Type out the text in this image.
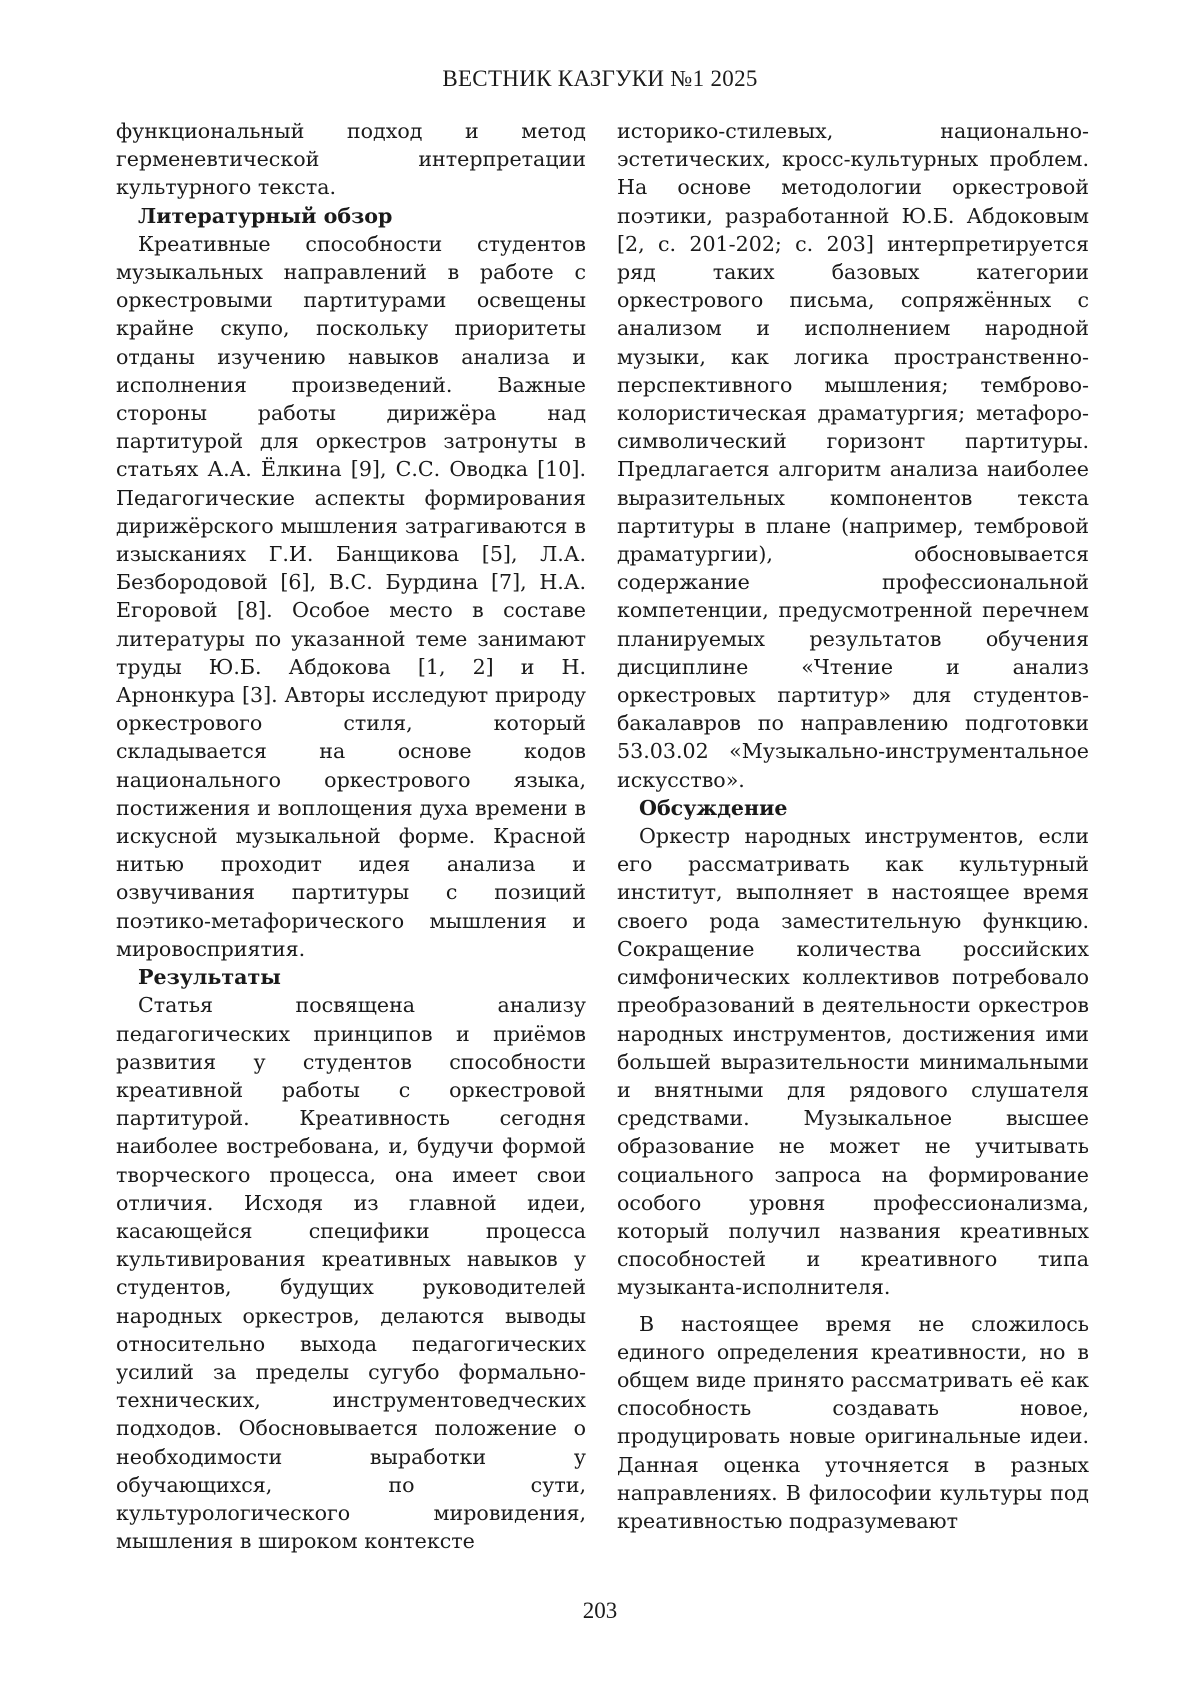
ВЕСТНИК КАЗГУКИ №1 2025

функциональный подход и метод герменевтической интерпретации культурного текста.

Литературный обзор

Креативные способности студентов музыкальных направлений в работе с оркестровыми партитурами освещены крайне скупо, поскольку приоритеты отданы изучению навыков анализа и исполнения произведений. Важные стороны работы дирижёра над партитурой для оркестров затронуты в статьях А.А. Ёлкина [9], С.С. Оводка [10]. Педагогические аспекты формирования дирижёрского мышления затрагиваются в изысканиях Г.И. Банщикова [5], Л.А. Безбородовой [6], В.С. Бурдина [7], Н.А. Егоровой [8]. Особое место в составе литературы по указанной теме занимают труды Ю.Б. Абдокова [1, 2] и Н. Арнонкура [3]. Авторы исследуют природу оркестрового стиля, который складывается на основе кодов национального оркестрового языка, постижения и воплощения духа времени в искусной музыкальной форме. Красной нитью проходит идея анализа и озвучивания партитуры с позиций поэтико-метафорического мышления и мировосприятия.

Результаты

Статья посвящена анализу педагогических принципов и приёмов развития у студентов способности креативной работы с оркестровой партитурой. Креативность сегодня наиболее востребована, и, будучи формой творческого процесса, она имеет свои отличия. Исходя из главной идеи, касающейся специфики процесса культивирования креативных навыков у студентов, будущих руководителей народных оркестров, делаются выводы относительно выхода педагогических усилий за пределы сугубо формально-технических, инструментоведческих подходов. Обосновывается положение о необходимости выработки у обучающихся, по сути, культурологического мировидения, мышления в широком контексте

историко-стилевых, национально-эстетических, кросс-культурных проблем. На основе методологии оркестровой поэтики, разработанной Ю.Б. Абдоковым [2, с. 201-202; с. 203] интерпретируется ряд таких базовых категории оркестрового письма, сопряжённых с анализом и исполнением народной музыки, как логика пространственно-перспективного мышления; темброво-колористическая драматургия; метафоро-символический горизонт партитуры. Предлагается алгоритм анализа наиболее выразительных компонентов текста партитуры в плане (например, тембровой драматургии), обосновывается содержание профессиональной компетенции, предусмотренной перечнем планируемых результатов обучения дисциплине «Чтение и анализ оркестровых партитур» для студентов-бакалавров по направлению подготовки 53.03.02 «Музыкально-инструментальное искусство».

Обсуждение

Оркестр народных инструментов, если его рассматривать как культурный институт, выполняет в настоящее время своего рода заместительную функцию. Сокращение количества российских симфонических коллективов потребовало преобразований в деятельности оркестров народных инструментов, достижения ими большей выразительности минимальными и внятными для рядового слушателя средствами. Музыкальное высшее образование не может не учитывать социального запроса на формирование особого уровня профессионализма, который получил названия креативных способностей и креативного типа музыканта-исполнителя.

В настоящее время не сложилось единого определения креативности, но в общем виде принято рассматривать её как способность создавать новое, продуцировать новые оригинальные идеи. Данная оценка уточняется в разных направлениях. В философии культуры под креативностью подразумевают

203
